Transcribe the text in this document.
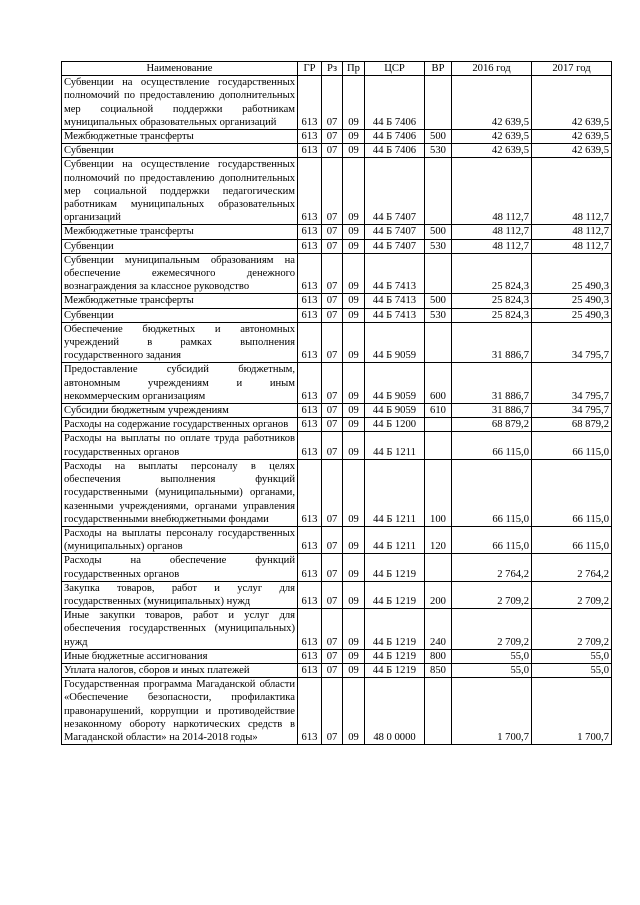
Наименование	ГР	Рз	Пр	ЦСР	ВР	2016 год	2017 год
Субвенции на осуществление государственных полномочий по предоставлению дополнительных мер социальной поддержки работникам муниципальных образовательных организаций	613	07	09	44 Б 7406		42 639,5	42 639,5
Межбюджетные трансферты	613	07	09	44 Б 7406	500	42 639,5	42 639,5
Субвенции	613	07	09	44 Б 7406	530	42 639,5	42 639,5
Субвенции на осуществление государственных полномочий по предоставлению дополнительных мер социальной поддержки педагогическим работникам муниципальных образовательных организаций	613	07	09	44 Б 7407		48 112,7	48 112,7
Межбюджетные трансферты	613	07	09	44 Б 7407	500	48 112,7	48 112,7
Субвенции	613	07	09	44 Б 7407	530	48 112,7	48 112,7
Субвенции муниципальным образованиям на обеспечение ежемесячного денежного вознаграждения за классное руководство	613	07	09	44 Б 7413		25 824,3	25 490,3
Межбюджетные трансферты	613	07	09	44 Б 7413	500	25 824,3	25 490,3
Субвенции	613	07	09	44 Б 7413	530	25 824,3	25 490,3
Обеспечение бюджетных и автономных учреждений в рамках выполнения государственного задания	613	07	09	44 Б 9059		31 886,7	34 795,7
Предоставление субсидий бюджетным, автономным учреждениям и иным некоммерческим организациям	613	07	09	44 Б 9059	600	31 886,7	34 795,7
Субсидии бюджетным учреждениям	613	07	09	44 Б 9059	610	31 886,7	34 795,7
Расходы на содержание государственных органов	613	07	09	44 Б 1200		68 879,2	68 879,2
Расходы на выплаты по оплате труда работников государственных органов	613	07	09	44 Б 1211		66 115,0	66 115,0
Расходы на выплаты персоналу в целях обеспечения выполнения функций государственными (муниципальными) органами, казенными учреждениями, органами управления государственными внебюджетными фондами	613	07	09	44 Б 1211	100	66 115,0	66 115,0
Расходы на выплаты персоналу государственных (муниципальных) органов	613	07	09	44 Б 1211	120	66 115,0	66 115,0
Расходы на обеспечение функций государственных органов	613	07	09	44 Б 1219		2 764,2	2 764,2
Закупка товаров, работ и услуг для государственных (муниципальных) нужд	613	07	09	44 Б 1219	200	2 709,2	2 709,2
Иные закупки товаров, работ и услуг для обеспечения государственных (муниципальных) нужд	613	07	09	44 Б 1219	240	2 709,2	2 709,2
Иные бюджетные ассигнования	613	07	09	44 Б 1219	800	55,0	55,0
Уплата налогов, сборов и иных платежей	613	07	09	44 Б 1219	850	55,0	55,0
Государственная программа Магаданской области «Обеспечение безопасности, профилактика правонарушений, коррупции и противодействие незаконному обороту наркотических средств в Магаданской области» на 2014-2018 годы»	613	07	09	48 0 0000		1 700,7	1 700,7
